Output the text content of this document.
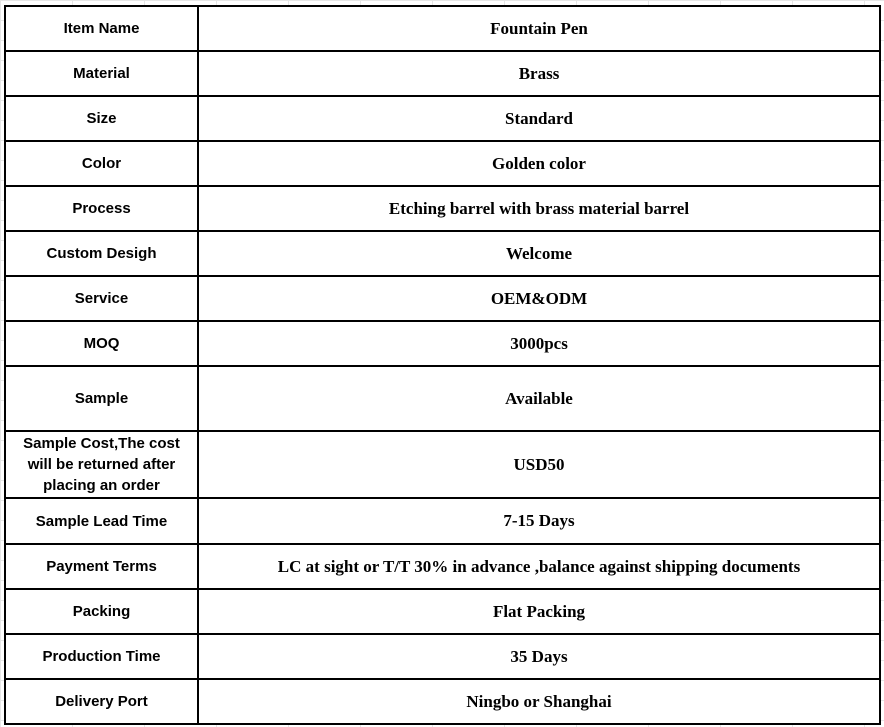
Item Name	Fountain Pen
Material	Brass
Size	Standard
Color	Golden color
Process	Etching barrel with brass material barrel
Custom Desigh	Welcome
Service	OEM&ODM
MOQ	3000pcs
Sample	Available
Sample Cost,The cost will be returned after placing an order	USD50
Sample Lead Time	7-15 Days
Payment Terms	LC at sight or T/T 30% in advance ,balance against shipping documents
Packing	Flat Packing
Production Time	35 Days
Delivery Port	Ningbo or Shanghai
